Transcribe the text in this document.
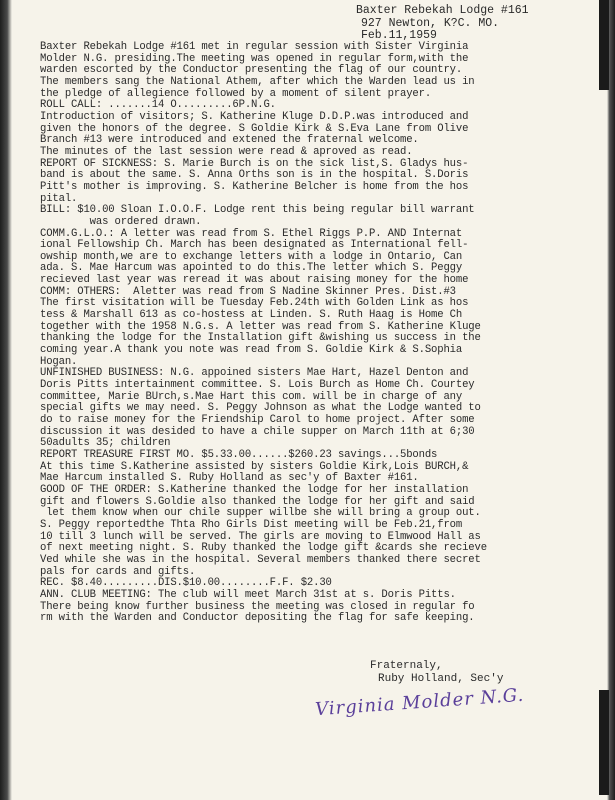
Baxter Rebekah Lodge #161
927 Newton, K?C. MO.
Feb.11,1959
Baxter Rebekah Lodge #161 met in regular session with Sister Virginia
Molder N.G. presiding.The meeting was opened in regular form,with the
warden escorted by the Conductor presenting the flag of our country.
The members sang the National Athem, after which the Warden lead us in
the pledge of allegience followed by a moment of silent prayer.
ROLL CALL: .......14 O.........6P.N.G.
Introduction of visitors; S. Katherine Kluge D.D.P.was introduced and
given the honors of the degree. S Goldie Kirk & S.Eva Lane from Olive
Branch #13 were introduced and extened the fraternal welcome.
The minutes of the last session were read & aproved as read.
REPORT OF SICKNESS: S. Marie Burch is on the sick list,S. Gladys hus-
band is about the same. S. Anna Orths son is in the hospital. S.Doris
Pitt's mother is improving. S. Katherine Belcher is home from the hos
pital.
BILL: $10.00 Sloan I.O.O.F. Lodge rent this being regular bill warrant
was ordered drawn.
COMM.G.L.O.: A letter was read from S. Ethel Riggs P.P. AND Internat
ional Fellowship Ch. March has been designated as International fell-
owship month,we are to exchange letters with a lodge in Ontario, Can
ada. S. Mae Harcum was apointed to do this.The letter which S. Peggy
recieved last year was reread it was about raising money for the home
COMM: OTHERS:  Aletter was read from S Nadine Skinner Pres. Dist.#3
The first visitation will be Tuesday Feb.24th with Golden Link as hos
tess & Marshall 613 as co-hostess at Linden. S. Ruth Haag is Home Ch
together with the 1958 N.G.s. A letter was read from S. Katherine Kluge
thanking the lodge for the Installation gift &wishing us success in the
coming year.A thank you note was read from S. Goldie Kirk & S.Sophia
Hogan.
UNFINISHED BUSINESS: N.G. appoined sisters Mae Hart, Hazel Denton and
Doris Pitts intertainment committee. S. Lois Burch as Home Ch. Courtey
committee, Marie BUrch,s.Mae Hart this com. will be in charge of any
special gifts we may need. S. Peggy Johnson as what the Lodge wanted to
do to raise money for the Friendship Carol to home project. After some
discussion it was desided to have a chile supper on March 11th at 6;30
50adults 35; children
REPORT TREASURE FIRST MO. $5.33.00......$260.23 savings...5bonds
At this time S.Katherine assisted by sisters Goldie Kirk,Lois BURCH,&
Mae Harcum installed S. Ruby Holland as sec'y of Baxter #161.
GOOD OF THE ORDER: S.Katherine thanked the lodge for her installation
gift and flowers S.Goldie also thanked the lodge for her gift and said
let them know when our chile supper willbe she will bring a group out.
S. Peggy reportedthe Thta Rho Girls Dist meeting will be Feb.21,from
10 till 3 lunch will be served. The girls are moving to Elmwood Hall as
of next meeting night. S. Ruby thanked the lodge gift &cards she recieve
Ved while she was in the hospital. Several members thanked there secret
pals for cards and gifts.
REC. $8.40.........DIS.$10.00........F.F. $2.30
ANN. CLUB MEETING: The club will meet March 31st at s. Doris Pitts.
There being know further business the meeting was closed in regular fo
rm with the Warden and Conductor depositing the flag for safe keeping.
Fraternaly,
Ruby Holland, Sec'y
Virginia Molder N.G.
